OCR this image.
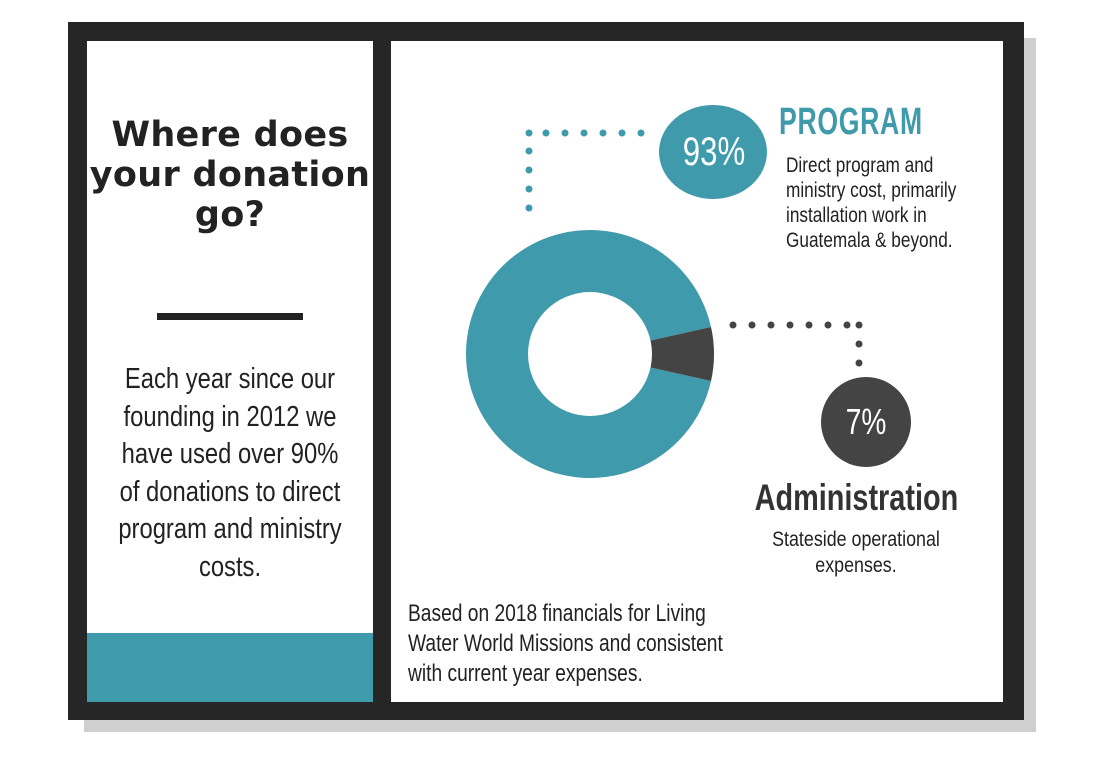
Where does your donation go?
Each year since our founding in 2012 we have used over 90% of donations to direct program and ministry costs.
93%
PROGRAM
Direct program and ministry cost, primarily installation work in Guatemala & beyond.
7%
Administration
Stateside operational expenses.
Based on 2018 financials for Living Water World Missions and consistent with current year expenses.
